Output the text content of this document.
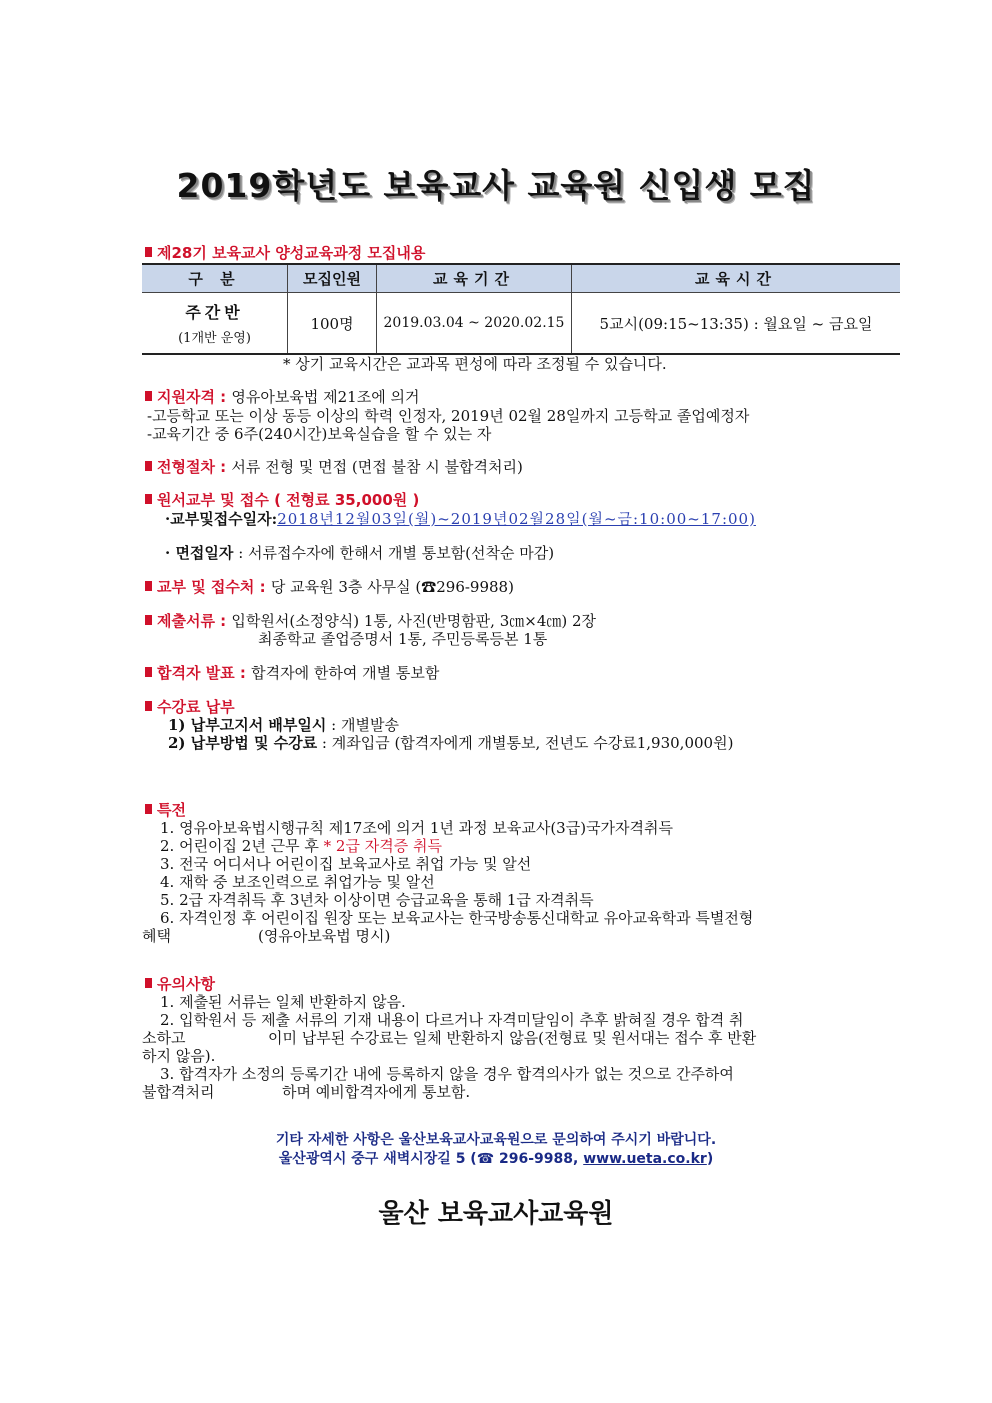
2019학년도 보육교사 교육원 신입생 모집
제28기 보육교사 양성교육과정 모집내용
구 분	모집인원	교육기간	교육시간

주간반
(1개반 운영)	100명	2019.03.04 ~ 2020.02.15	5교시(09:15~13:35) : 월요일 ~ 금요일
* 상기 교육시간은 교과목 편성에 따라 조정될 수 있습니다.
지원자격 : 영유아보육법 제21조에 의거
-고등학교 또는 이상 동등 이상의 학력 인정자, 2019년 02월 28일까지 고등학교 졸업예정자
-교육기간 중 6주(240시간)보육실습을 할 수 있는 자
전형절차 : 서류 전형 및 면접 (면접 불참 시 불합격처리)
원서교부 및 접수 ( 전형료 35,000원 )
·교부및접수일자:2018년12월03일(월)~2019년02월28일(월~금:10:00~17:00)
· 면접일자 : 서류접수자에 한해서 개별 통보함(선착순 마감)
교부 및 접수처 : 당 교육원 3층 사무실 (☎296-9988)
제출서류 : 입학원서(소정양식) 1통, 사진(반명함판, 3㎝×4㎝) 2장
최종학교 졸업증명서 1통, 주민등록등본 1통
합격자 발표 : 합격자에 한하여 개별 통보함
수강료 납부
1) 납부고지서 배부일시 : 개별발송
2) 납부방법 및 수강료 : 계좌입금 (합격자에게 개별통보, 전년도 수강료1,930,000원)
특전
1. 영유아보육법시행규칙 제17조에 의거 1년 과정 보육교사(3급)국가자격취득
2. 어린이집 2년 근무 후 * 2급 자격증 취득
3. 전국 어디서나 어린이집 보육교사로 취업 가능 및 알선
4. 재학 중 보조인력으로 취업가능 및 알선
5. 2급 자격취득 후 3년차 이상이면 승급교육을 통해 1급 자격취득
6. 자격인정 후 어린이집 원장 또는 보육교사는 한국방송통신대학교 유아교육학과 특별전형
혜택	(영유아보육법 명시)
유의사항
1. 제출된 서류는 일체 반환하지 않음.
2. 입학원서 등 제출 서류의 기재 내용이 다르거나 자격미달임이 추후 밝혀질 경우 합격 취
소하고	이미 납부된 수강료는 일체 반환하지 않음(전형료 및 원서대는 접수 후 반환
하지 않음).
3. 합격자가 소정의 등록기간 내에 등록하지 않을 경우 합격의사가 없는 것으로 간주하여
불합격처리	하며 예비합격자에게 통보함.
기타 자세한 사항은 울산보육교사교육원으로 문의하여 주시기 바랍니다.
울산광역시 중구 새벽시장길 5 (☎ 296-9988, www.ueta.co.kr)
울산 보육교사교육원
